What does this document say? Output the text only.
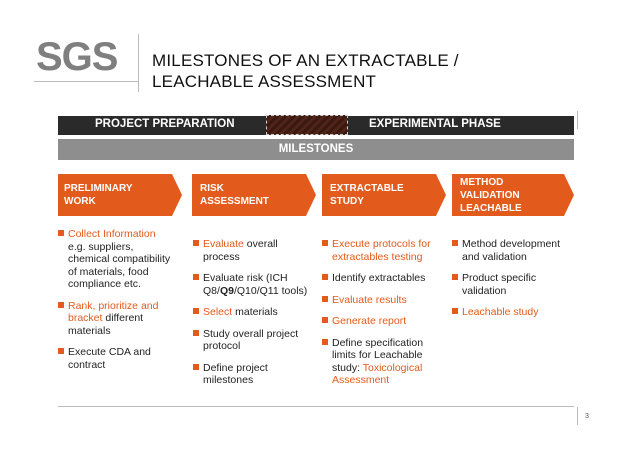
SGS MILESTONES OF AN EXTRACTABLE /
LEACHABLE ASSESSMENT
PROJECT PREPARATION	EXPERIMENTAL PHASE
MILESTONES
PRELIMINARY
WORK
RISK
ASSESSMENT
EXTRACTABLE
STUDY
METHOD
VALIDATION
LEACHABLE
Collect Information e.g. suppliers, chemical compatibility of materials, food compliance etc.
Rank, prioritize and bracket different materials
Execute CDA and contract
Evaluate overall process
Evaluate risk (ICH Q8/Q9/Q10/Q11 tools)
Select materials
Study overall project protocol
Define project milestones
Execute protocols for extractables testing
Identify extractables
Evaluate results
Generate report
Define specification limits for Leachable study: Toxicological Assessment
Method development and validation
Product specific validation
Leachable study
3
